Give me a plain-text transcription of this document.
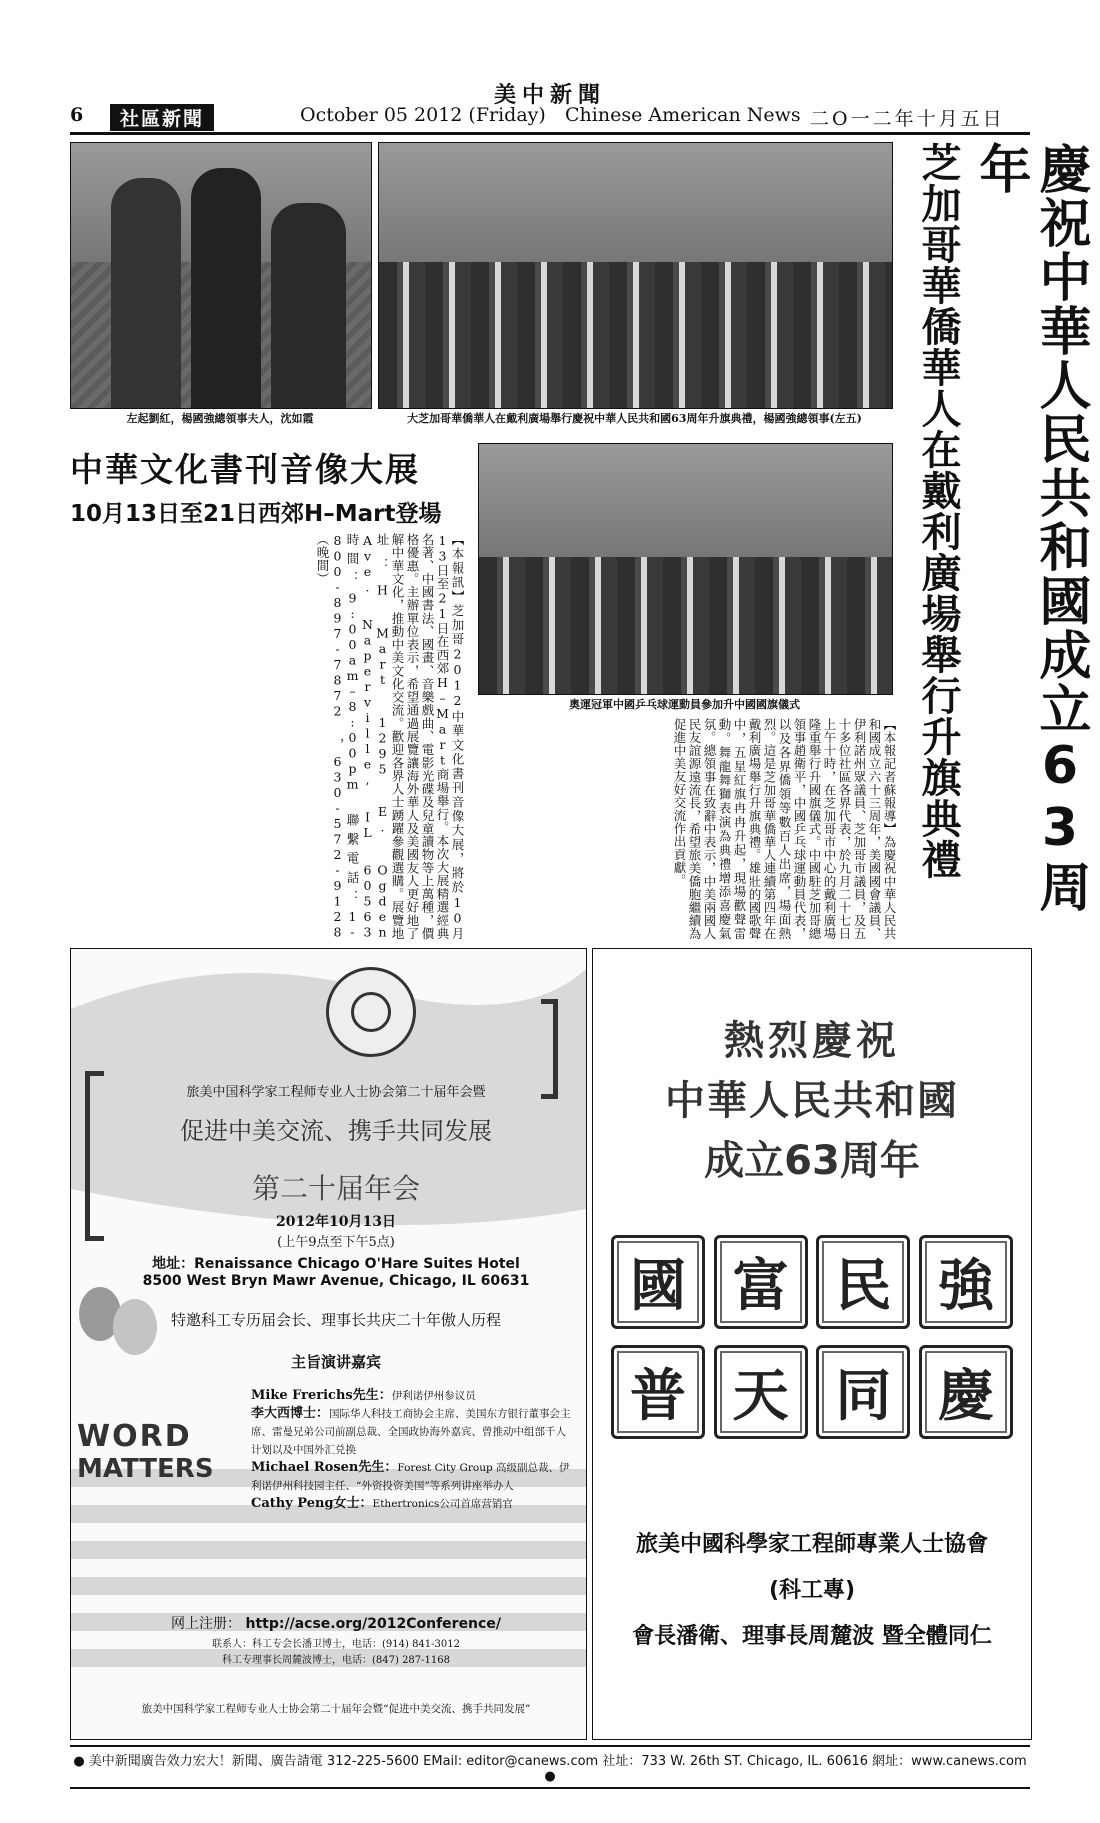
美中新聞
6	社區新聞	October 05 2012 (Friday) Chinese American News 二O一二年十月五日
左起劉紅，楊國強總領事夫人，沈如霞	大芝加哥華僑華人在戴利廣場舉行慶祝中華人民共和國63周年升旗典禮，楊國強總領事(左五)
奧運冠軍中國乒乓球運動員參加升中國國旗儀式	慶祝中華人民共和國成立63周年
芝加哥華僑華人在戴利廣場舉行升旗典禮
【本報記者蘇報導】為慶祝中華人民共和國成立六十三周年，美國國會議員、伊利諾州眾議員、芝加哥市議員，及五十多位社區各界代表，於九月二十七日上午十時，在芝加哥市中心的戴利廣場隆重舉行升國旗儀式。中國駐芝加哥總領事趙衛平，中國乒乓球運動員代表，以及各界僑領等數百人出席，場面熱烈。這是芝加哥華僑華人連續第四年在戴利廣場舉行升旗典禮。雄壯的國歌聲中，五星紅旗冉冉升起，現場歡聲雷動。舞龍舞獅表演為典禮增添喜慶氣氛。總領事在致辭中表示，中美兩國人民友誼源遠流長，希望旅美僑胞繼續為促進中美友好交流作出貢獻。
中華文化書刊音像大展
10月13日至21日西郊H–Mart登場
【本報訊】芝加哥2012中華文化書刊音像大展，將於10月13日至21日在西郊H–Mart商場舉行。本次大展精選經典名著、中國書法、國畫、音樂戲曲、電影光碟及兒童讀物等上萬種，價格優惠。主辦單位表示，希望通過展覽讓海外華人及美國友人更好地了解中華文化，推動中美文化交流。歡迎各界人士踴躍參觀選購。展覽地址：H Mart 1295 E. Ogden Ave. Naperville, IL 60563 時間：9:00am–8:00pm 聯繫電話：1-800-897-7872 ，630-572-9128 （晚間）
旅美中国科学家工程师专业人士协会第二十届年会暨
促进中美交流、携手共同发展
第二十届年会
2012年10月13日
(上午9点至下午5点)
地址：Renaissance Chicago O'Hare Suites Hotel
8500 West Bryn Mawr Avenue, Chicago, IL 60631
特邀科工专历届会长、理事长共庆二十年傲人历程
主旨演讲嘉宾
WORD
MATTERS
Mike Frerichs先生：伊利诺伊州参议员
李大西博士：国际华人科技工商协会主席、美国东方银行董事会主席、雷曼兄弟公司前副总裁、全国政协海外嘉宾、曾推动中组部千人计划以及中国外汇兑换
Michael Rosen先生：Forest City Group 高级副总裁、伊利诺伊州科技园主任、“外资投资美国”等系列讲座举办人
Cathy Peng女士：Ethertronics公司首席营销官
网上注册： http://acse.org/2012Conference/
联系人：科工专会长潘卫博士，电话：(914) 841-3012
科工专理事长周麓波博士，电话：(847) 287-1168
旅美中国科学家工程师专业人士协会第二十届年会暨“促进中美交流、携手共同发展”
熱烈慶祝
中華人民共和國
成立63周年
國 富 民 強
普 天 同 慶
旅美中國科學家工程師專業人士協會
(科工專)
會長潘衛、理事長周麓波 暨全體同仁
● 美中新聞廣告效力宏大！新聞、廣告請電 312-225-5600 EMail: editor@canews.com 社址：733 W. 26th ST. Chicago, IL. 60616 網址：www.canews.com ●
